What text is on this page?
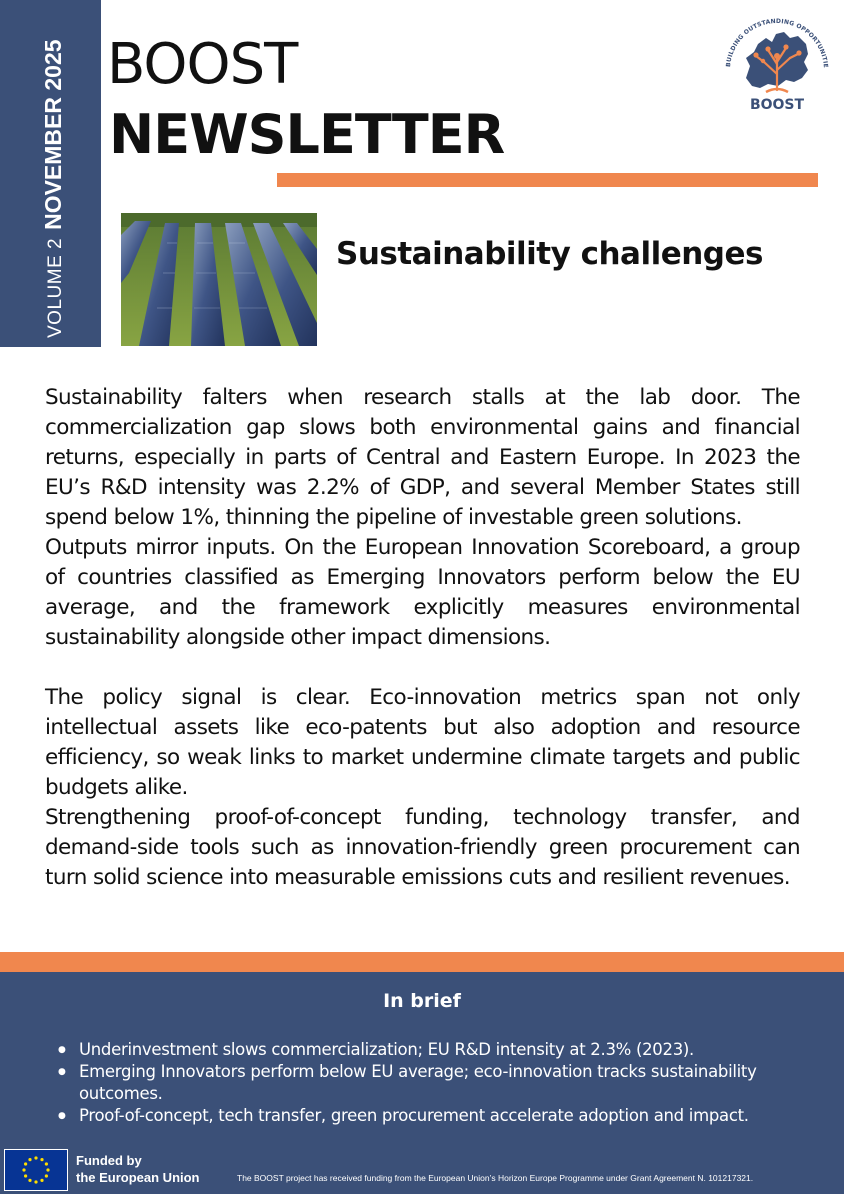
VOLUME 2NOVEMBER 2025 BOOST
NEWSLETTER
BUILDING OUTSTANDING OPPORTUNITIE
BOOST
Sustainability challenges

Sustainability falters when research stalls at the lab door. The commercialization gap slows both environmental gains and financial returns, especially in parts of Central and Eastern Europe. In 2023 the EU’s R&D intensity was 2.2% of GDP, and several Member States still spend below 1%, thinning the pipeline of investable green solutions.

Outputs mirror inputs. On the European Innovation Scoreboard, a group of countries classified as Emerging Innovators perform below the EU average, and the framework explicitly measures environmental sustainability alongside other impact dimensions.

The policy signal is clear. Eco-innovation metrics span not only intellectual assets like eco-patents but also adoption and resource efficiency, so weak links to market undermine climate targets and public budgets alike.

Strengthening proof-of-concept funding, technology transfer, and demand-side tools such as innovation-friendly green procurement can turn solid science into measurable emissions cuts and resilient revenues.

In brief
● Underinvestment slows commercialization; EU R&D intensity at 2.3% (2023).
● Emerging Innovators perform below EU average; eco-innovation tracks sustainability outcomes.
● Proof-of-concept, tech transfer, green procurement accelerate adoption and impact.
Funded by
the European Union	The BOOST project has received funding from the European Union’s Horizon Europe Programme under Grant Agreement N. 101217321.
